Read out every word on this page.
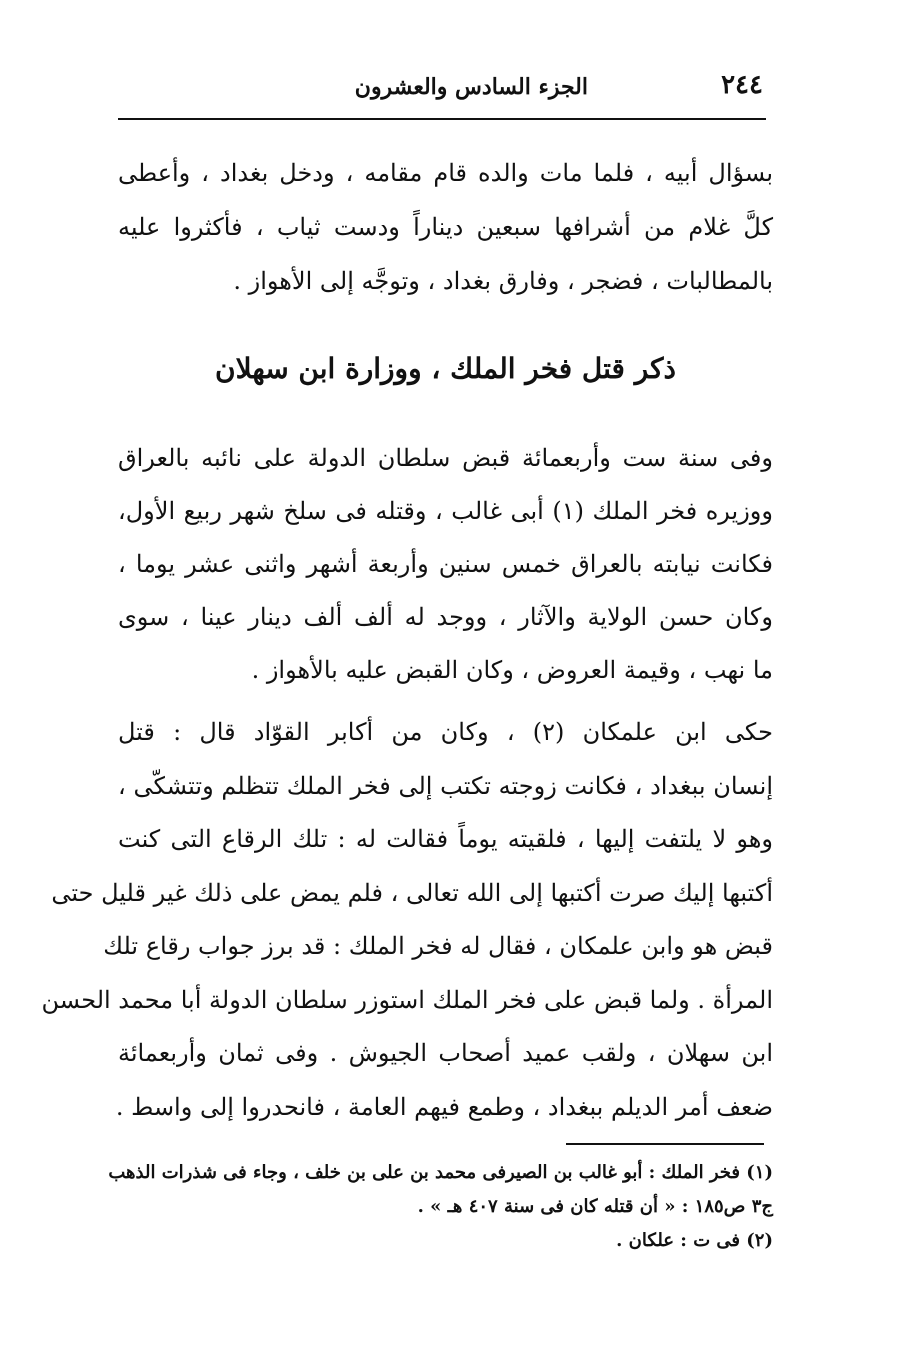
٢٤٤
الجزء السادس والعشرون
بسؤال أبيه ، فلما مات والده قام مقامه ، ودخل بغداد ، وأعطى
كلَّ غلام من أشرافها سبعين ديناراً ودست ثياب ، فأكثروا عليه
بالمطالبات ، فضجر ، وفارق بغداد ، وتوجَّه إلى الأهواز .
ذكر قتل فخر الملك ، ووزارة ابن سهلان
وفى سنة ست وأربعمائة قبض سلطان الدولة على نائبه بالعراق
ووزيره فخر الملك (١) أبى غالب ، وقتله فى سلخ شهر ربيع الأول،
فكانت نيابته بالعراق خمس سنين وأربعة أشهر واثنى عشر يوما ،
وكان حسن الولاية والآثار ، ووجد له ألف ألف دينار عينا ، سوى
ما نهب ، وقيمة العروض ، وكان القبض عليه بالأهواز .
حكى ابن علمكان (٢) ، وكان من أكابر القوّاد قال : قتل
إنسان ببغداد ، فكانت زوجته تكتب إلى فخر الملك تتظلم وتتشكّى ،
وهو لا يلتفت إليها ، فلقيته يوماً فقالت له : تلك الرقاع التى كنت
أكتبها إليك صرت أكتبها إلى الله تعالى ، فلم يمض على ذلك غير قليل حتى
قبض هو وابن علمكان ، فقال له فخر الملك : قد برز جواب رقاع تلك
المرأة . ولما قبض على فخر الملك استوزر سلطان الدولة أبا محمد الحسن
ابن سهلان ، ولقب عميد أصحاب الجيوش . وفى ثمان وأربعمائة
ضعف أمر الديلم ببغداد ، وطمع فيهم العامة ، فانحدروا إلى واسط .
(١) فخر الملك : أبو غالب بن الصيرفى محمد بن على بن خلف ، وجاء فى شذرات الذهب
ج٣ ص١٨٥ : « أن قتله كان فى سنة ٤٠٧ هـ » .
(٢) فى ت : علكان .
